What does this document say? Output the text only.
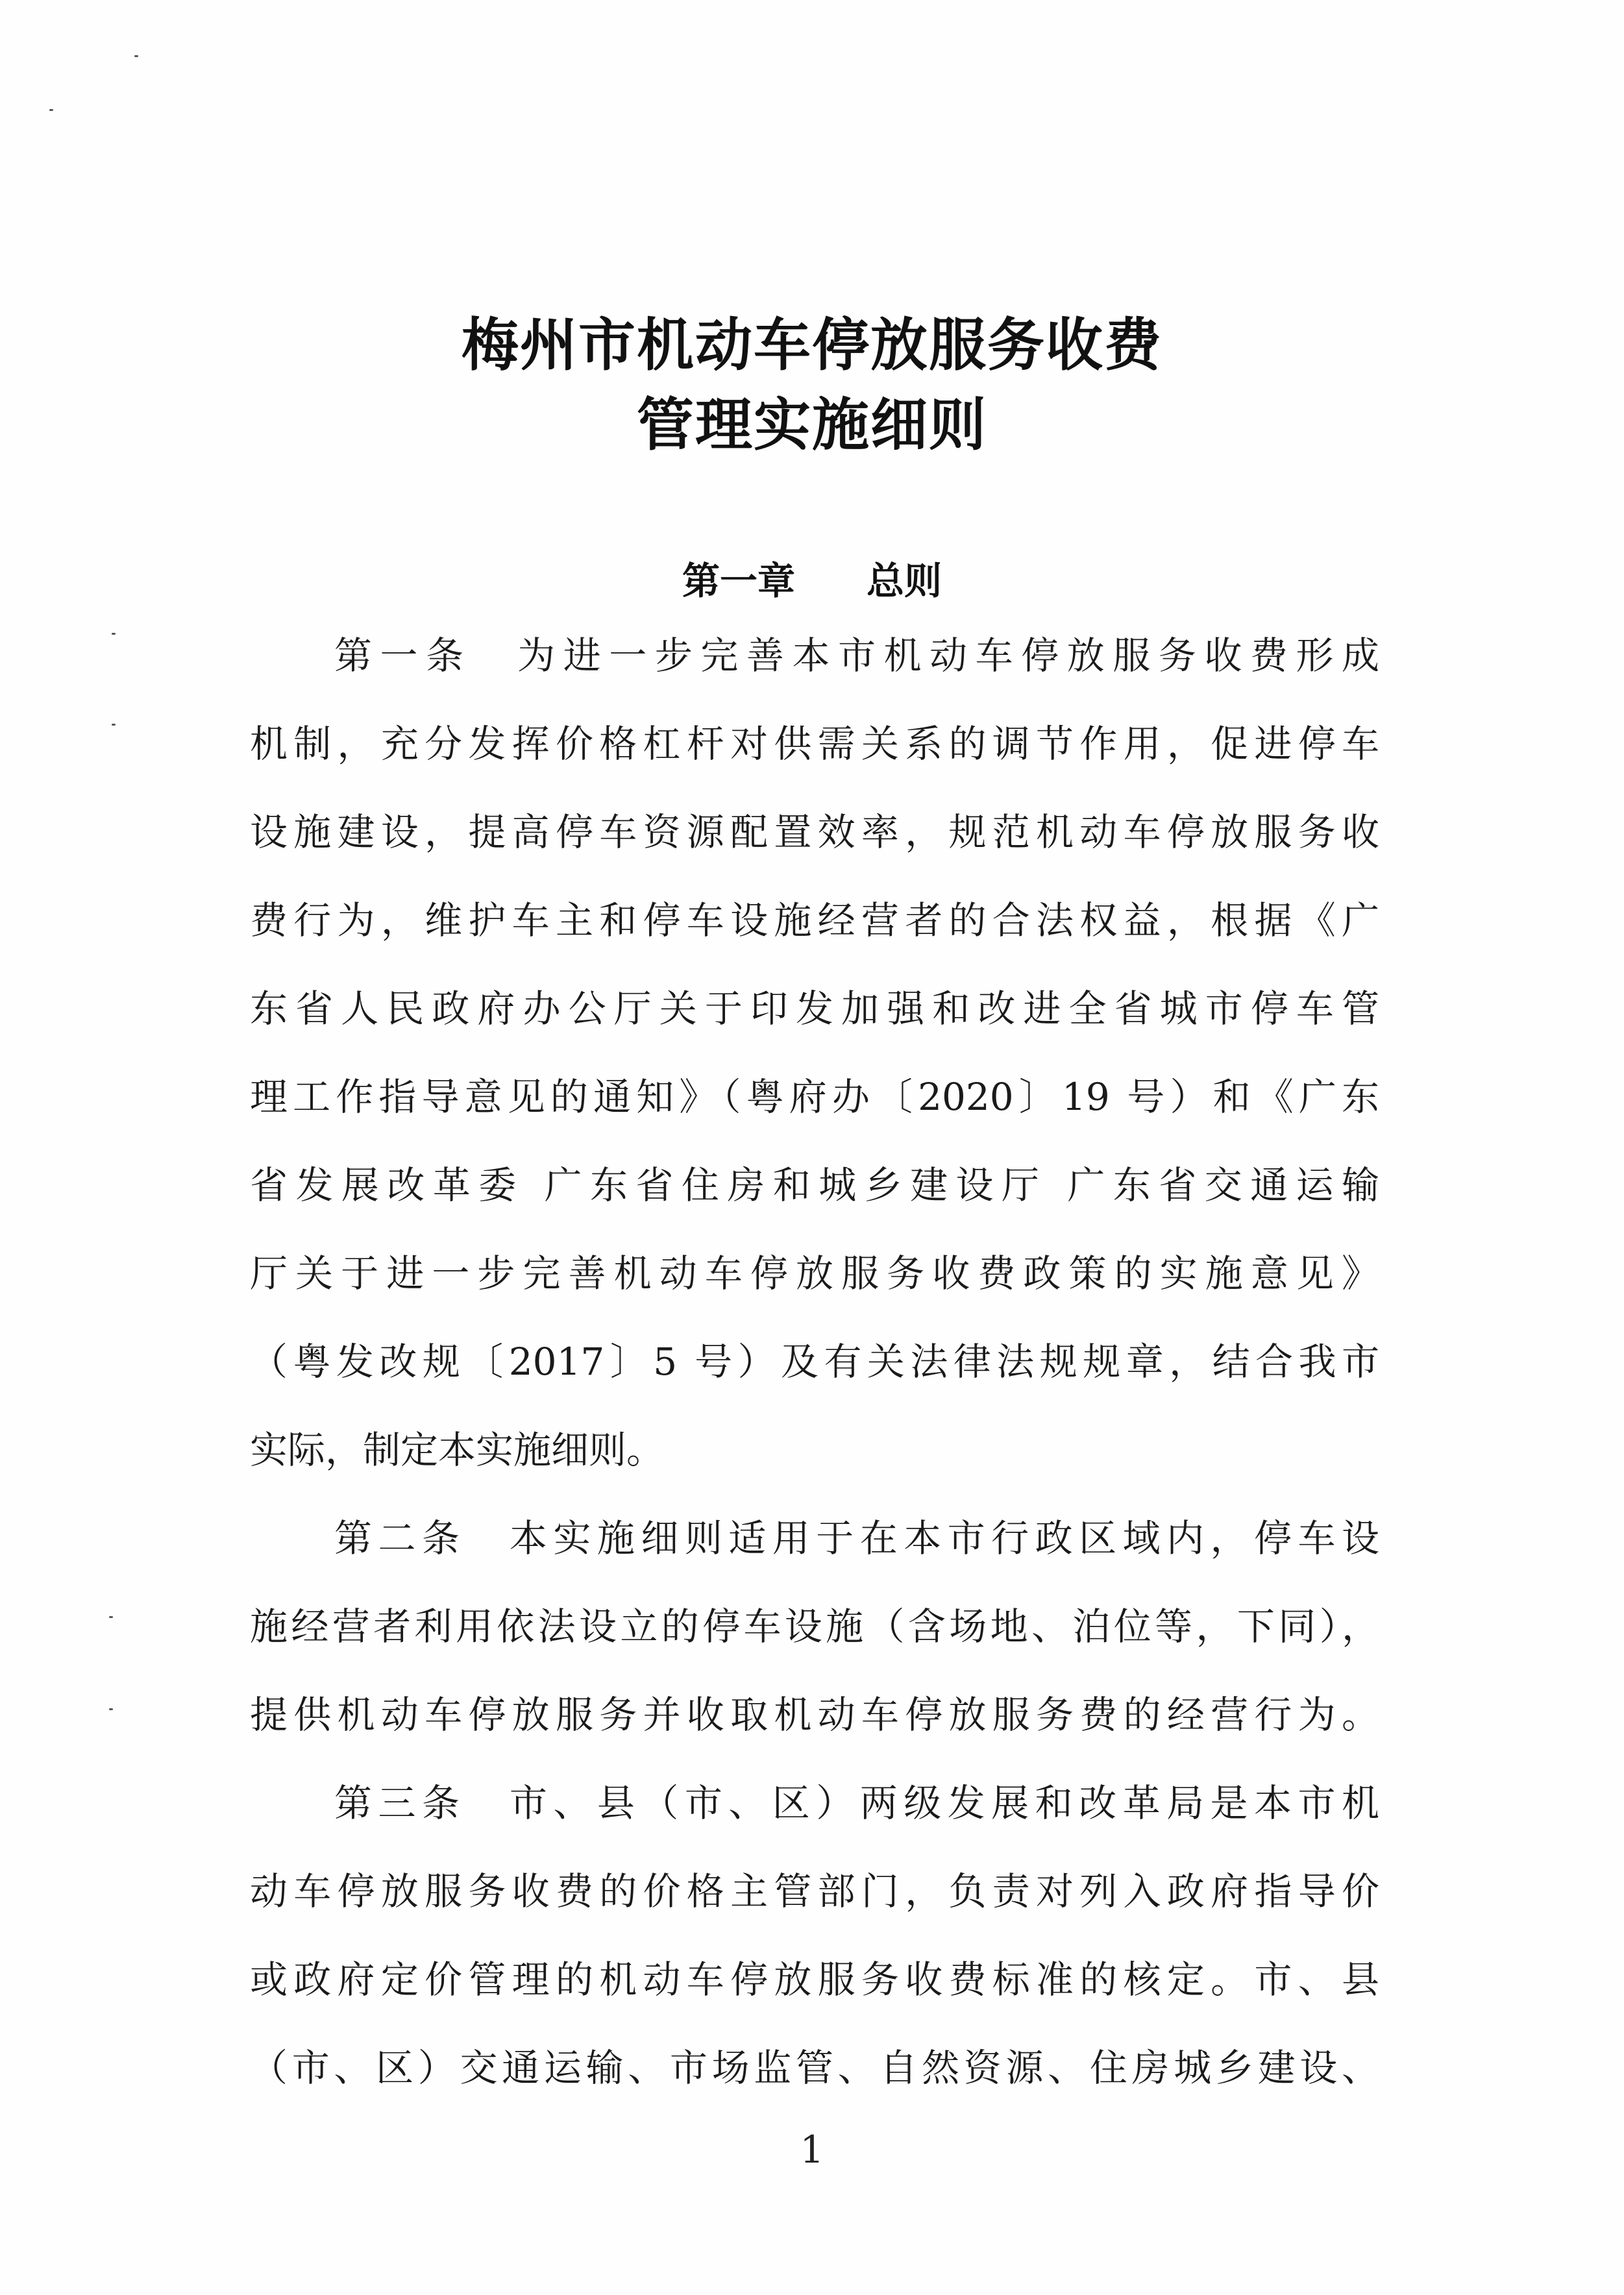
梅州市机动车停放服务收费
管理实施细则
第一章 总则
第一条　为进一步完善本市机动车停放服务收费形成
机制，充分发挥价格杠杆对供需关系的调节作用，促进停车
设施建设，提高停车资源配置效率，规范机动车停放服务收
费行为，维护车主和停车设施经营者的合法权益，根据《广
东省人民政府办公厅关于印发加强和改进全省城市停车管
理工作指导意见的通知》（粤府办〔2020〕19 号）和《广东
省发展改革委 广东省住房和城乡建设厅 广东省交通运输
厅关于进一步完善机动车停放服务收费政策的实施意见》
（粤发改规〔2017〕5 号）及有关法律法规规章，结合我市
实际，制定本实施细则。
第二条　本实施细则适用于在本市行政区域内，停车设
施经营者利用依法设立的停车设施（含场地、泊位等，下同），
提供机动车停放服务并收取机动车停放服务费的经营行为。
第三条　市、县（市、区）两级发展和改革局是本市机
动车停放服务收费的价格主管部门，负责对列入政府指导价
或政府定价管理的机动车停放服务收费标准的核定。市、县
（市、区）交通运输、市场监管、自然资源、住房城乡建设、
1
